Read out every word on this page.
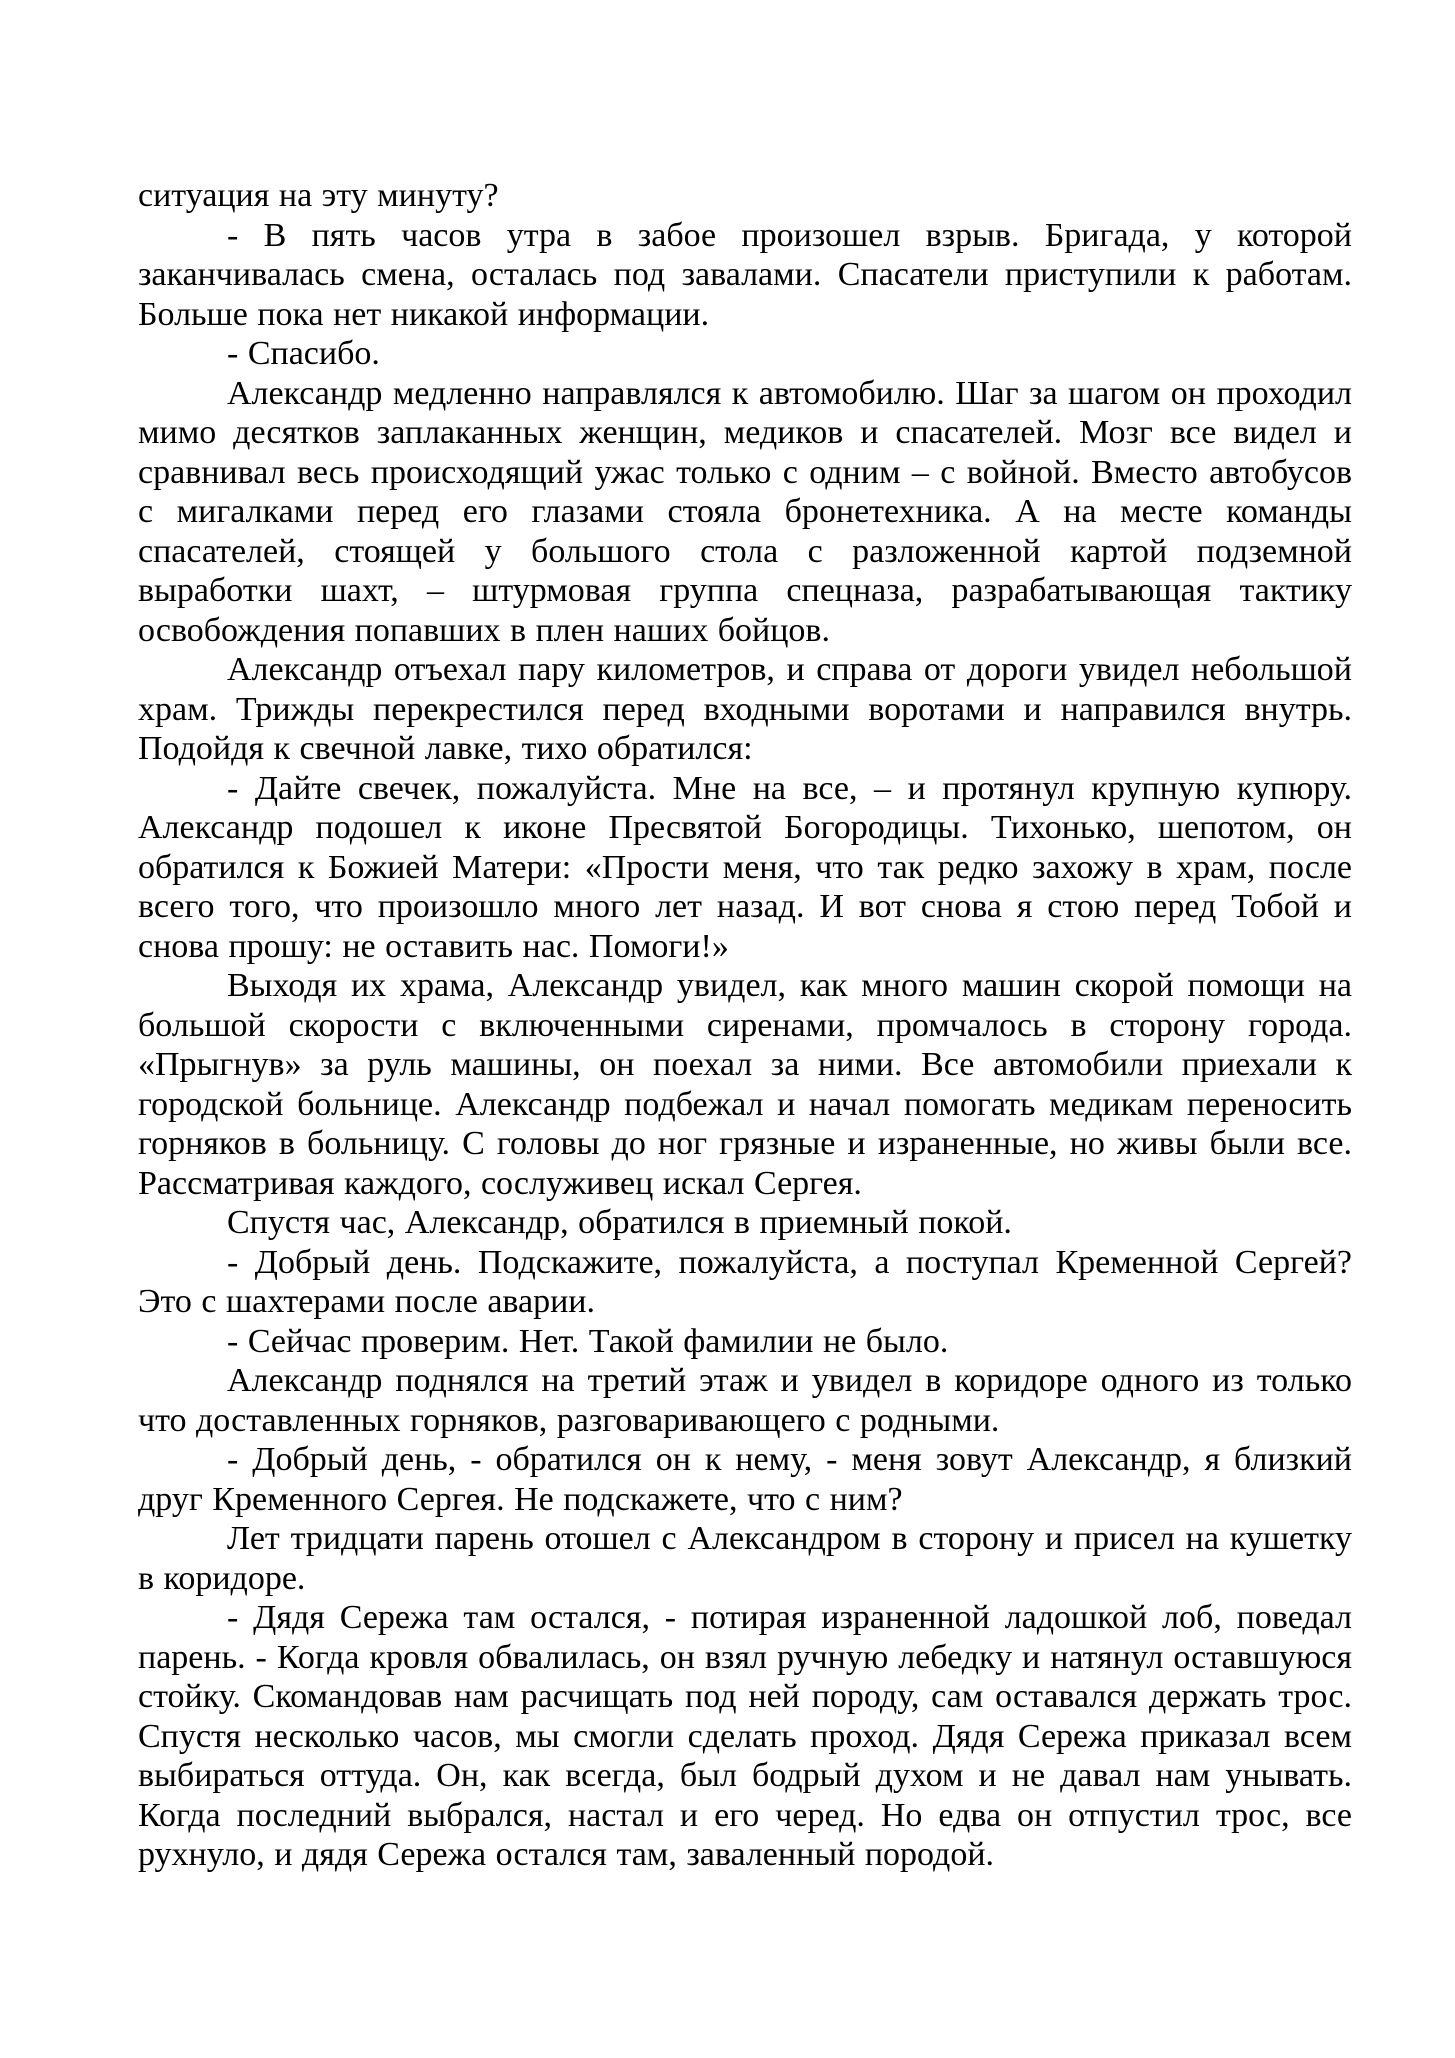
ситуация на эту минуту?

- В пять часов утра в забое произошел взрыв. Бригада, у которой заканчивалась смена, осталась под завалами. Спасатели приступили к работам. Больше пока нет никакой информации.

- Спасибо.

Александр медленно направлялся к автомобилю. Шаг за шагом он проходил мимо десятков заплаканных женщин, медиков и спасателей. Мозг все видел и сравнивал весь происходящий ужас только с одним – с войной. Вместо автобусов с мигалками перед его глазами стояла бронетехника. А на месте команды спасателей, стоящей у большого стола с разложенной картой подземной выработки шахт, – штурмовая группа спецназа, разрабатывающая тактику освобождения попавших в плен наших бойцов.

Александр отъехал пару километров, и справа от дороги увидел небольшой храм. Трижды перекрестился перед входными воротами и направился внутрь. Подойдя к свечной лавке, тихо обратился:

- Дайте свечек, пожалуйста. Мне на все, – и протянул крупную купюру. Александр подошел к иконе Пресвятой Богородицы. Тихонько, шепотом, он обратился к Божией Матери: «Прости меня, что так редко захожу в храм, после всего того, что произошло много лет назад. И вот снова я стою перед Тобой и снова прошу: не оставить нас. Помоги!»

Выходя их храма, Александр увидел, как много машин скорой помощи на большой скорости с включенными сиренами, промчалось в сторону города. «Прыгнув» за руль машины, он поехал за ними. Все автомобили приехали к городской больнице. Александр подбежал и начал помогать медикам переносить горняков в больницу. С головы до ног грязные и израненные, но живы были все. Рассматривая каждого, сослуживец искал Сергея.

Спустя час, Александр, обратился в приемный покой.

- Добрый день. Подскажите, пожалуйста, а поступал Кременной Сергей? Это с шахтерами после аварии.

- Сейчас проверим. Нет. Такой фамилии не было.

Александр поднялся на третий этаж и увидел в коридоре одного из только что доставленных горняков, разговаривающего с родными.

- Добрый день, - обратился он к нему, - меня зовут Александр, я близкий друг Кременного Сергея. Не подскажете, что с ним?

Лет тридцати парень отошел с Александром в сторону и присел на кушетку в коридоре.

- Дядя Сережа там остался, - потирая израненной ладошкой лоб, поведал парень. - Когда кровля обвалилась, он взял ручную лебедку и натянул оставшуюся стойку. Скомандовав нам расчищать под ней породу, сам оставался держать трос. Спустя несколько часов, мы смогли сделать проход. Дядя Сережа приказал всем выбираться оттуда. Он, как всегда, был бодрый духом и не давал нам унывать. Когда последний выбрался, настал и его черед. Но едва он отпустил трос, все рухнуло, и дядя Сережа остался там, заваленный породой.
